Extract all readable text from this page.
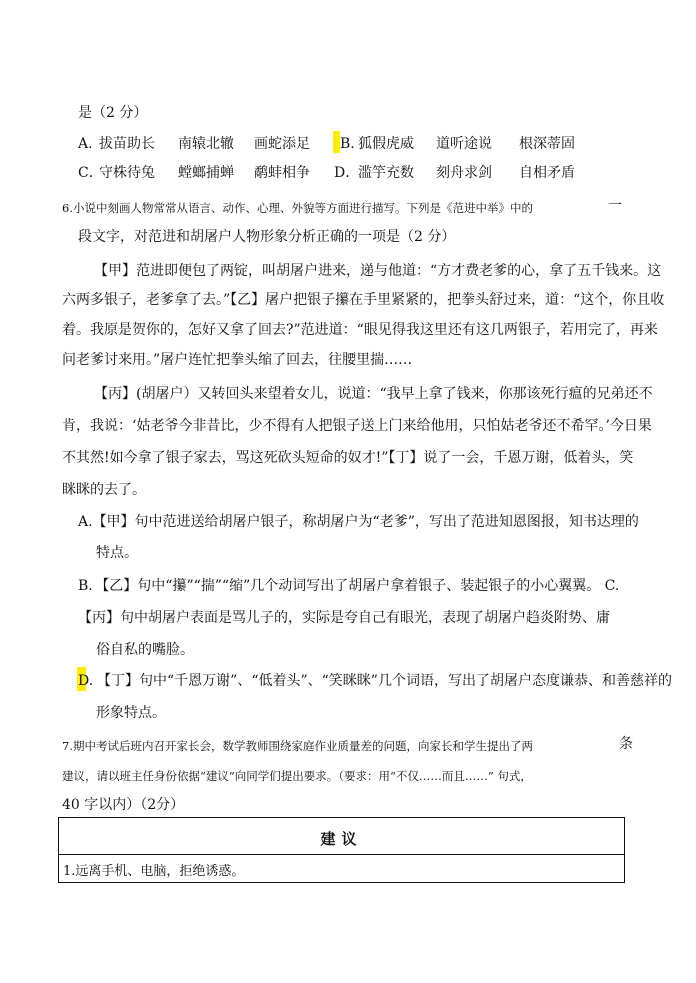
是（2 分）
A. 拔苗助长 南辕北辙 画蛇添足 B. 狐假虎威 道听途说 根深蒂固
C．
守株待兔 螳螂捕蝉 鹬蚌相争 D．
滥竽充数 刻舟求剑 自相矛盾
6.小说中刻画人物常常从语言、动作、心理、外貌等方面进行描写。下列是《范进中举》中的	一
段文字，对范进和胡屠户人物形象分析正确的一项是（2 分）
【甲】范进即便包了两锭，叫胡屠户进来，递与他道：“方才费老爹的心，拿了五千钱来。这
六两多银子，老爹拿了去。”【乙】屠户把银子攥在手里紧紧的，把拳头舒过来，道：“这个，你且收
着。我原是贺你的，怎好又拿了回去?”范进道：“眼见得我这里还有这几两银子，若用完了，再来
问老爹讨来用。”屠户连忙把拳头缩了回去，往腰里揣……
【丙】(胡屠户）又转回头来望着女儿，说道：“我早上拿了钱来，你那该死行瘟的兄弟还不
肯，我说：‘姑老爷今非昔比，少不得有人把银子送上门来给他用，只怕姑老爷还不希罕。’今日果
不其然!如今拿了银子家去，骂这死砍头短命的奴才!”【丁】说了一会，千恩万谢，低着头，笑
眯眯的去了。
A.【甲】句中范进送给胡屠户银子，称胡屠户为“老爹”，写出了范进知恩图报，知书达理的
特点。
B．【乙】句中“攥”“揣”“缩”几个动词写出了胡屠户拿着银子、装起银子的小心翼翼。 C.
【丙】句中胡屠户表面是骂儿子的，实际是夸自己有眼光，表现了胡屠户趋炎附势、庸
俗自私的嘴脸。
D. 【丁】句中“千恩万谢”、“低着头”、“笑眯眯”几个词语，写出了胡屠户态度谦恭、和善慈祥的
形象特点。
7.期中考试后班内召开家长会，数学教师围绕家庭作业质量差的问题，向家长和学生提出了两	条
建议，请以班主任身份依据“建议”向同学们提出要求。（要求：用“不仅……而且……” 句式，
40 字以内）（2分）
建议
1.远离手机、电脑，拒绝诱惑。
